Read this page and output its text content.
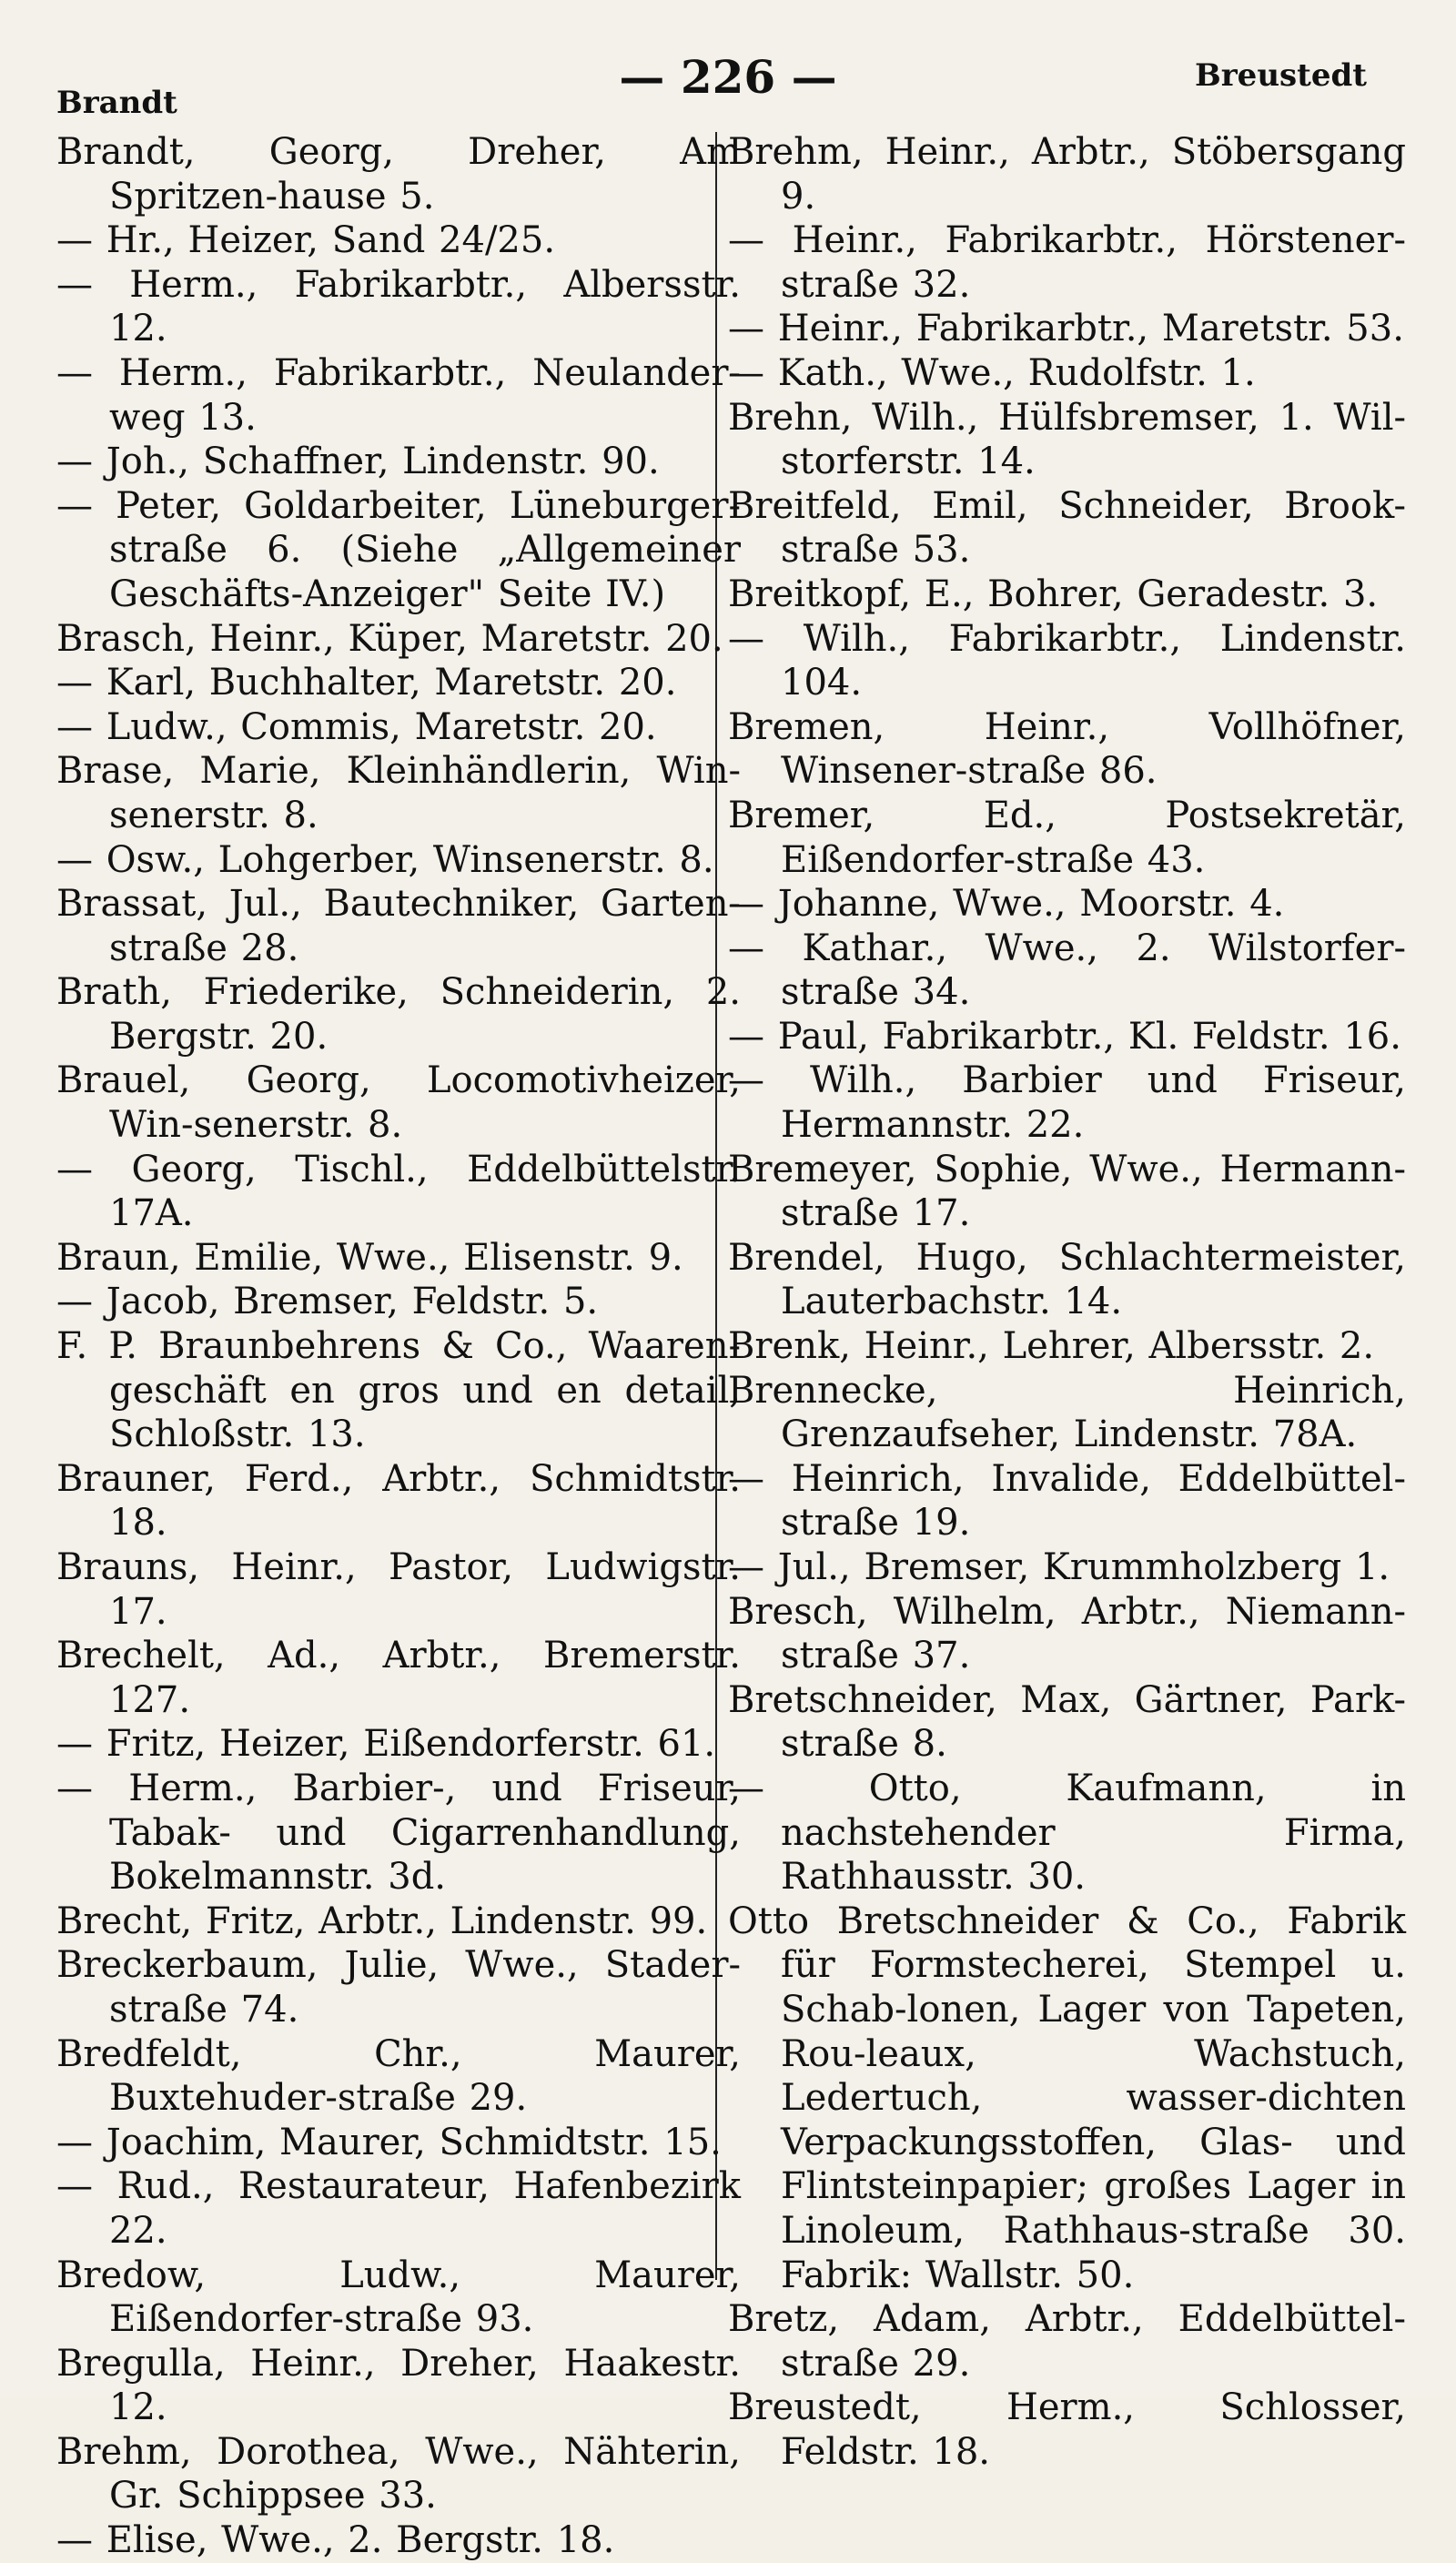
Brandt	— 226 —	Breustedt
Brandt, Georg, Dreher, Am Spritzen-hause 5.
— Hr., Heizer, Sand 24/25.
— Herm., Fabrikarbtr., Albersstr. 12.
— Herm., Fabrikarbtr., Neulander-weg 13.
— Joh., Schaffner, Lindenstr. 90.
— Peter, Goldarbeiter, Lüneburger-straße 6. (Siehe „Allgemeiner Geschäfts-Anzeiger" Seite IV.)
Brasch, Heinr., Küper, Maretstr. 20.
— Karl, Buchhalter, Maretstr. 20.
— Ludw., Commis, Maretstr. 20.
Brase, Marie, Kleinhändlerin, Win-senerstr. 8.
— Osw., Lohgerber, Winsenerstr. 8.
Brassat, Jul., Bautechniker, Garten-straße 28.
Brath, Friederike, Schneiderin, 2. Bergstr. 20.
Brauel, Georg, Locomotivheizer, Win-senerstr. 8.
— Georg, Tischl., Eddelbüttelstr. 17A.
Braun, Emilie, Wwe., Elisenstr. 9.
— Jacob, Bremser, Feldstr. 5.
F. P. Braunbehrens & Co., Waaren-geschäft en gros und en detail, Schloßstr. 13.
Brauner, Ferd., Arbtr., Schmidtstr. 18.
Brauns, Heinr., Pastor, Ludwigstr. 17.
Brechelt, Ad., Arbtr., Bremerstr. 127.
— Fritz, Heizer, Eißendorferstr. 61.
— Herm., Barbier-, und Friseur, Tabak- und Cigarrenhandlung, Bokelmannstr. 3d.
Brecht, Fritz, Arbtr., Lindenstr. 99.
Breckerbaum, Julie, Wwe., Stader-straße 74.
Bredfeldt, Chr., Maurer, Buxtehuder-straße 29.
— Joachim, Maurer, Schmidtstr. 15.
— Rud., Restaurateur, Hafenbezirk 22.
Bredow, Ludw., Maurer, Eißendorfer-straße 93.
Bregulla, Heinr., Dreher, Haakestr. 12.
Brehm, Dorothea, Wwe., Nähterin, Gr. Schippsee 33.
— Elise, Wwe., 2. Bergstr. 18.
Brehm, Heinr., Arbtr., Stöbersgang 9.
— Heinr., Fabrikarbtr., Hörstener-straße 32.
— Heinr., Fabrikarbtr., Maretstr. 53.
— Kath., Wwe., Rudolfstr. 1.
Brehn, Wilh., Hülfsbremser, 1. Wil-storferstr. 14.
Breitfeld, Emil, Schneider, Brook-straße 53.
Breitkopf, E., Bohrer, Geradestr. 3.
— Wilh., Fabrikarbtr., Lindenstr. 104.
Bremen, Heinr., Vollhöfner, Winsener-straße 86.
Bremer, Ed., Postsekretär, Eißendorfer-straße 43.
— Johanne, Wwe., Moorstr. 4.
— Kathar., Wwe., 2. Wilstorfer-straße 34.
— Paul, Fabrikarbtr., Kl. Feldstr. 16.
— Wilh., Barbier und Friseur, Hermannstr. 22.
Bremeyer, Sophie, Wwe., Hermann-straße 17.
Brendel, Hugo, Schlachtermeister, Lauterbachstr. 14.
Brenk, Heinr., Lehrer, Albersstr. 2.
Brennecke, Heinrich, Grenzaufseher, Lindenstr. 78A.
— Heinrich, Invalide, Eddelbüttel-straße 19.
— Jul., Bremser, Krummholzberg 1.
Bresch, Wilhelm, Arbtr., Niemann-straße 37.
Bretschneider, Max, Gärtner, Park-straße 8.
— Otto, Kaufmann, in nachstehender Firma, Rathhausstr. 30.
Otto Bretschneider & Co., Fabrik für Formstecherei, Stempel u. Schab-lonen, Lager von Tapeten, Rou-leaux, Wachstuch, Ledertuch, wasser-dichten Verpackungsstoffen, Glas- und Flintsteinpapier; großes Lager in Linoleum, Rathhaus-straße 30. Fabrik: Wallstr. 50.
Bretz, Adam, Arbtr., Eddelbüttel-straße 29.
Breustedt, Herm., Schlosser, Feldstr. 18.
